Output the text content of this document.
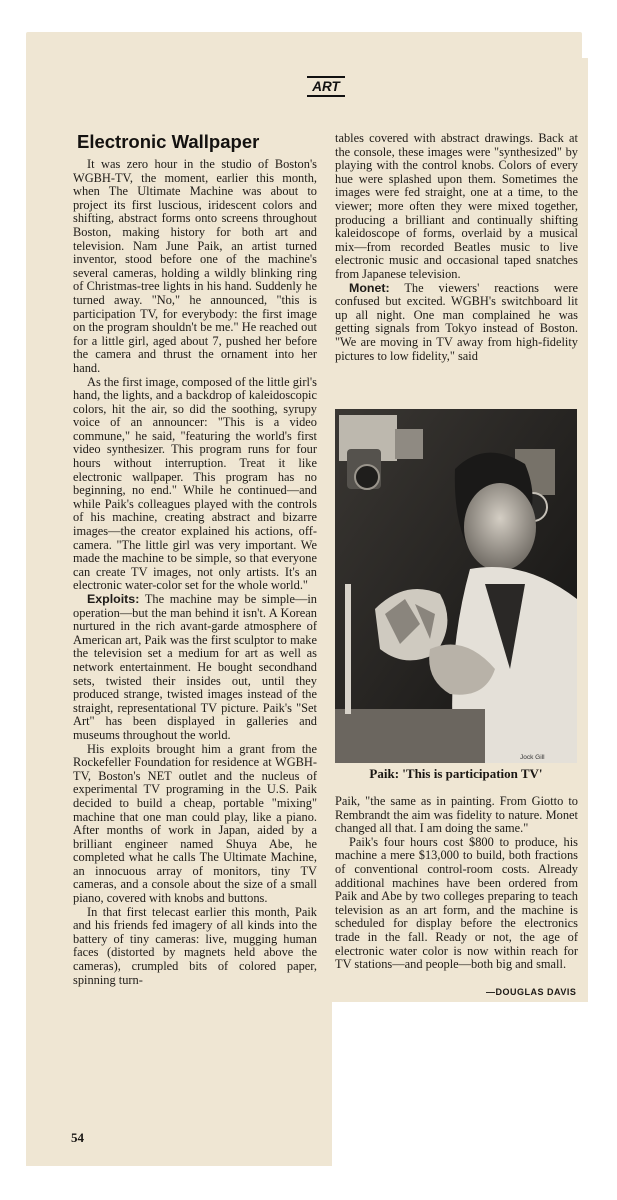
ART
Electronic Wallpaper

It was zero hour in the studio of Boston's WGBH-TV, the moment, earlier this month, when The Ultimate Machine was about to project its first luscious, iridescent colors and shifting, abstract forms onto screens throughout Boston, making history for both art and television. Nam June Paik, an artist turned inventor, stood before one of the machine's several cameras, holding a wildly blinking ring of Christmas-tree lights in his hand. Suddenly he turned away. "No," he announced, "this is participation TV, for everybody: the first image on the program shouldn't be me." He reached out for a little girl, aged about 7, pushed her before the camera and thrust the ornament into her hand.

As the first image, composed of the little girl's hand, the lights, and a backdrop of kaleidoscopic colors, hit the air, so did the soothing, syrupy voice of an announcer: "This is a video commune," he said, "featuring the world's first video synthesizer. This program runs for four hours without interruption. Treat it like electronic wallpaper. This program has no beginning, no end." While he continued—and while Paik's colleagues played with the controls of his machine, creating abstract and bizarre images—the creator explained his actions, off-camera. "The little girl was very important. We made the machine to be simple, so that everyone can create TV images, not only artists. It's an electronic water-color set for the whole world."

Exploits: The machine may be simple—in operation—but the man behind it isn't. A Korean nurtured in the rich avant-garde atmosphere of American art, Paik was the first sculptor to make the television set a medium for art as well as network entertainment. He bought secondhand sets, twisted their insides out, until they produced strange, twisted images instead of the straight, representational TV picture. Paik's "Set Art" has been displayed in galleries and museums throughout the world.

His exploits brought him a grant from the Rockefeller Foundation for residence at WGBH-TV, Boston's NET outlet and the nucleus of experimental TV programing in the U.S. Paik decided to build a cheap, portable "mixing" machine that one man could play, like a piano. After months of work in Japan, aided by a brilliant engineer named Shuya Abe, he completed what he calls The Ultimate Machine, an innocuous array of monitors, tiny TV cameras, and a console about the size of a small piano, covered with knobs and buttons.

In that first telecast earlier this month, Paik and his friends fed imagery of all kinds into the battery of tiny cameras: live, mugging human faces (distorted by magnets held above the cameras), crumpled bits of colored paper, spinning turn-

tables covered with abstract drawings. Back at the console, these images were "synthesized" by playing with the control knobs. Colors of every hue were splashed upon them. Sometimes the images were fed straight, one at a time, to the viewer; more often they were mixed together, producing a brilliant and continually shifting kaleidoscope of forms, overlaid by a musical mix—from recorded Beatles music to live electronic music and occasional taped snatches from Japanese television.

Monet: The viewers' reactions were confused but excited. WGBH's switchboard lit up all night. One man complained he was getting signals from Tokyo instead of Boston. "We are moving in TV away from high-fidelity pictures to low fidelity," said

Jock Gill
Paik: 'This is participation TV'

Paik, "the same as in painting. From Giotto to Rembrandt the aim was fidelity to nature. Monet changed all that. I am doing the same."

Paik's four hours cost $800 to produce, his machine a mere $13,000 to build, both fractions of conventional control-room costs. Already additional machines have been ordered from Paik and Abe by two colleges preparing to teach television as an art form, and the machine is scheduled for display before the electronics trade in the fall. Ready or not, the age of electronic water color is now within reach for TV stations—and people—both big and small.

—DOUGLAS DAVIS
54
